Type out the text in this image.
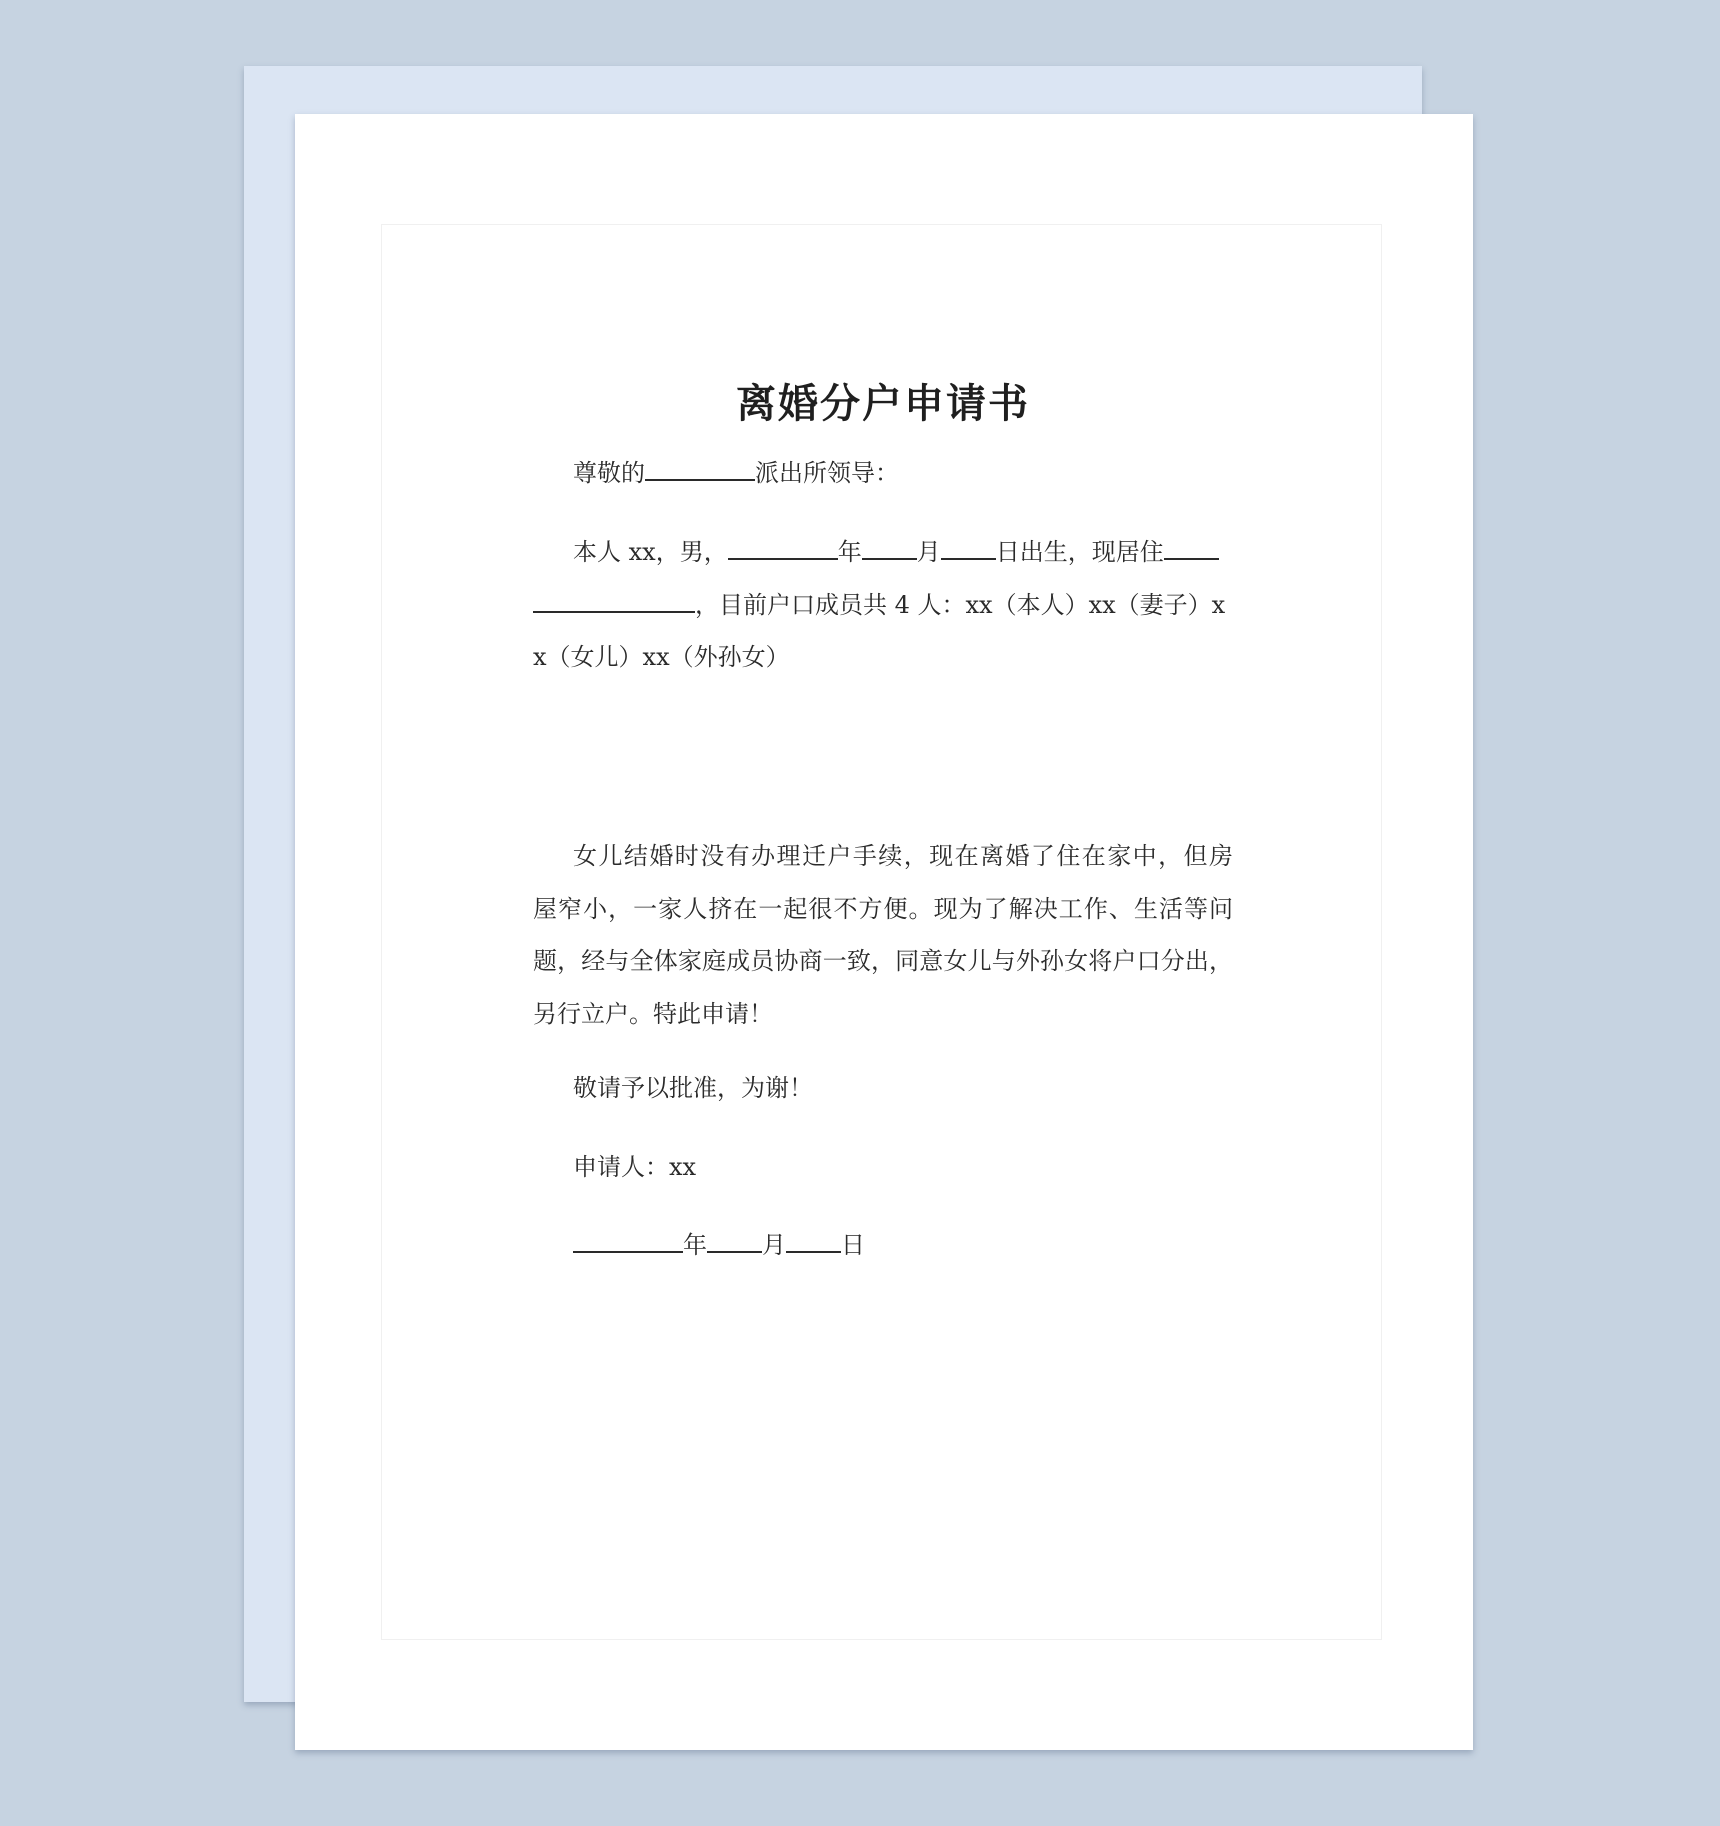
离婚分户申请书
尊敬的	派出所领导：
本人 xx，男，	年 月 日出生，现居住
，目前户口成员共 4 人：xx（本人）xx（妻子）x
x（女儿）xx（外孙女）
女儿结婚时没有办理迁户手续，现在离婚了住在家中，但房
屋窄小，一家人挤在一起很不方便。现为了解决工作、生活等问
题，经与全体家庭成员协商一致，同意女儿与外孙女将户口分出，
另行立户。特此申请！
敬请予以批准，为谢！
申请人：xx
年 月 日
